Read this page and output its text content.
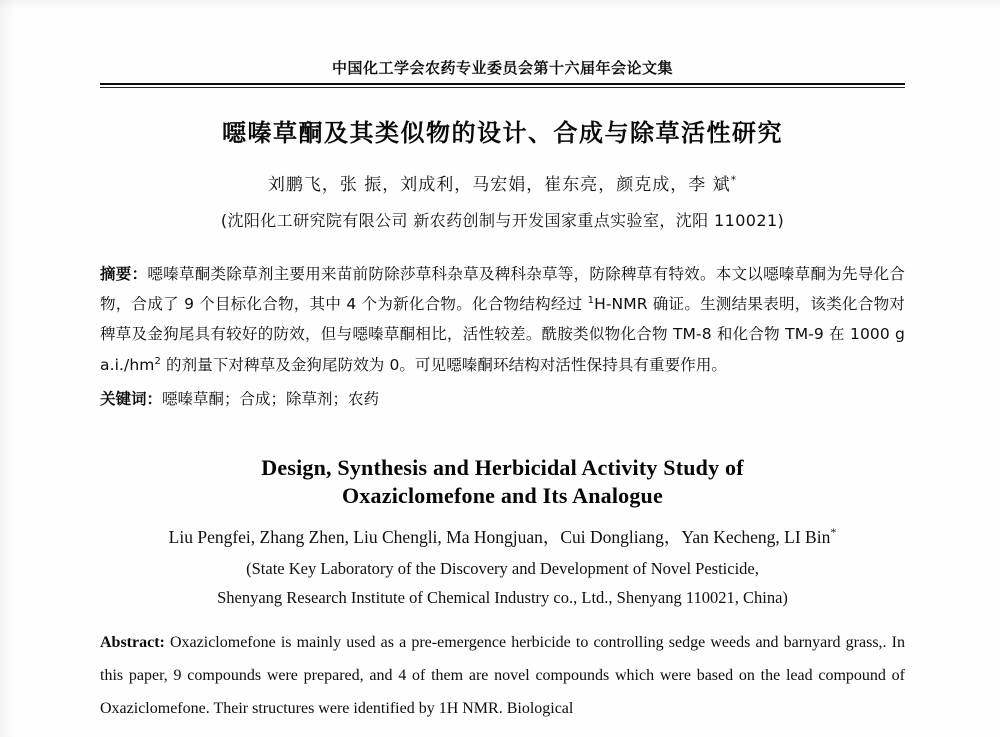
中国化工学会农药专业委员会第十六届年会论文集
噁嗪草酮及其类似物的设计、合成与除草活性研究
刘鹏飞，张 振，刘成利，马宏娟，崔东亮，颜克成，李 斌*
(沈阳化工研究院有限公司 新农药创制与开发国家重点实验室，沈阳 110021)
摘要：噁嗪草酮类除草剂主要用来苗前防除莎草科杂草及稗科杂草等，防除稗草有特效。本文以噁嗪草酮为先导化合物，合成了 9 个目标化合物，其中 4 个为新化合物。化合物结构经过 $^1$H-NMR 确证。生测结果表明，该类化合物对稗草及金狗尾具有较好的防效，但与噁嗪草酮相比，活性较差。酰胺类似物化合物 TM-8 和化合物 TM-9 在 1000 g $a.i./hm^2$ 的剂量下对稗草及金狗尾防效为 0。可见噁嗪酮环结构对活性保持具有重要作用。
关键词：噁嗪草酮；合成；除草剂；农药
Design, Synthesis and Herbicidal Activity Study of
Oxaziclomefone and Its Analogue
Liu Pengfei, Zhang Zhen, Liu Chengli, Ma Hongjuan，Cui Dongliang，Yan Kecheng, LI Bin*
(State Key Laboratory of the Discovery and Development of Novel Pesticide,
Shenyang Research Institute of Chemical Industry co., Ltd., Shenyang 110021, China)
Abstract: Oxaziclomefone is mainly used as a pre-emergence herbicide to controlling sedge weeds and barnyard grass,. In this paper, 9 compounds were prepared, and 4 of them are novel compounds which were based on the lead compound of Oxaziclomefone. Their structures were identified by 1H NMR. Biological
